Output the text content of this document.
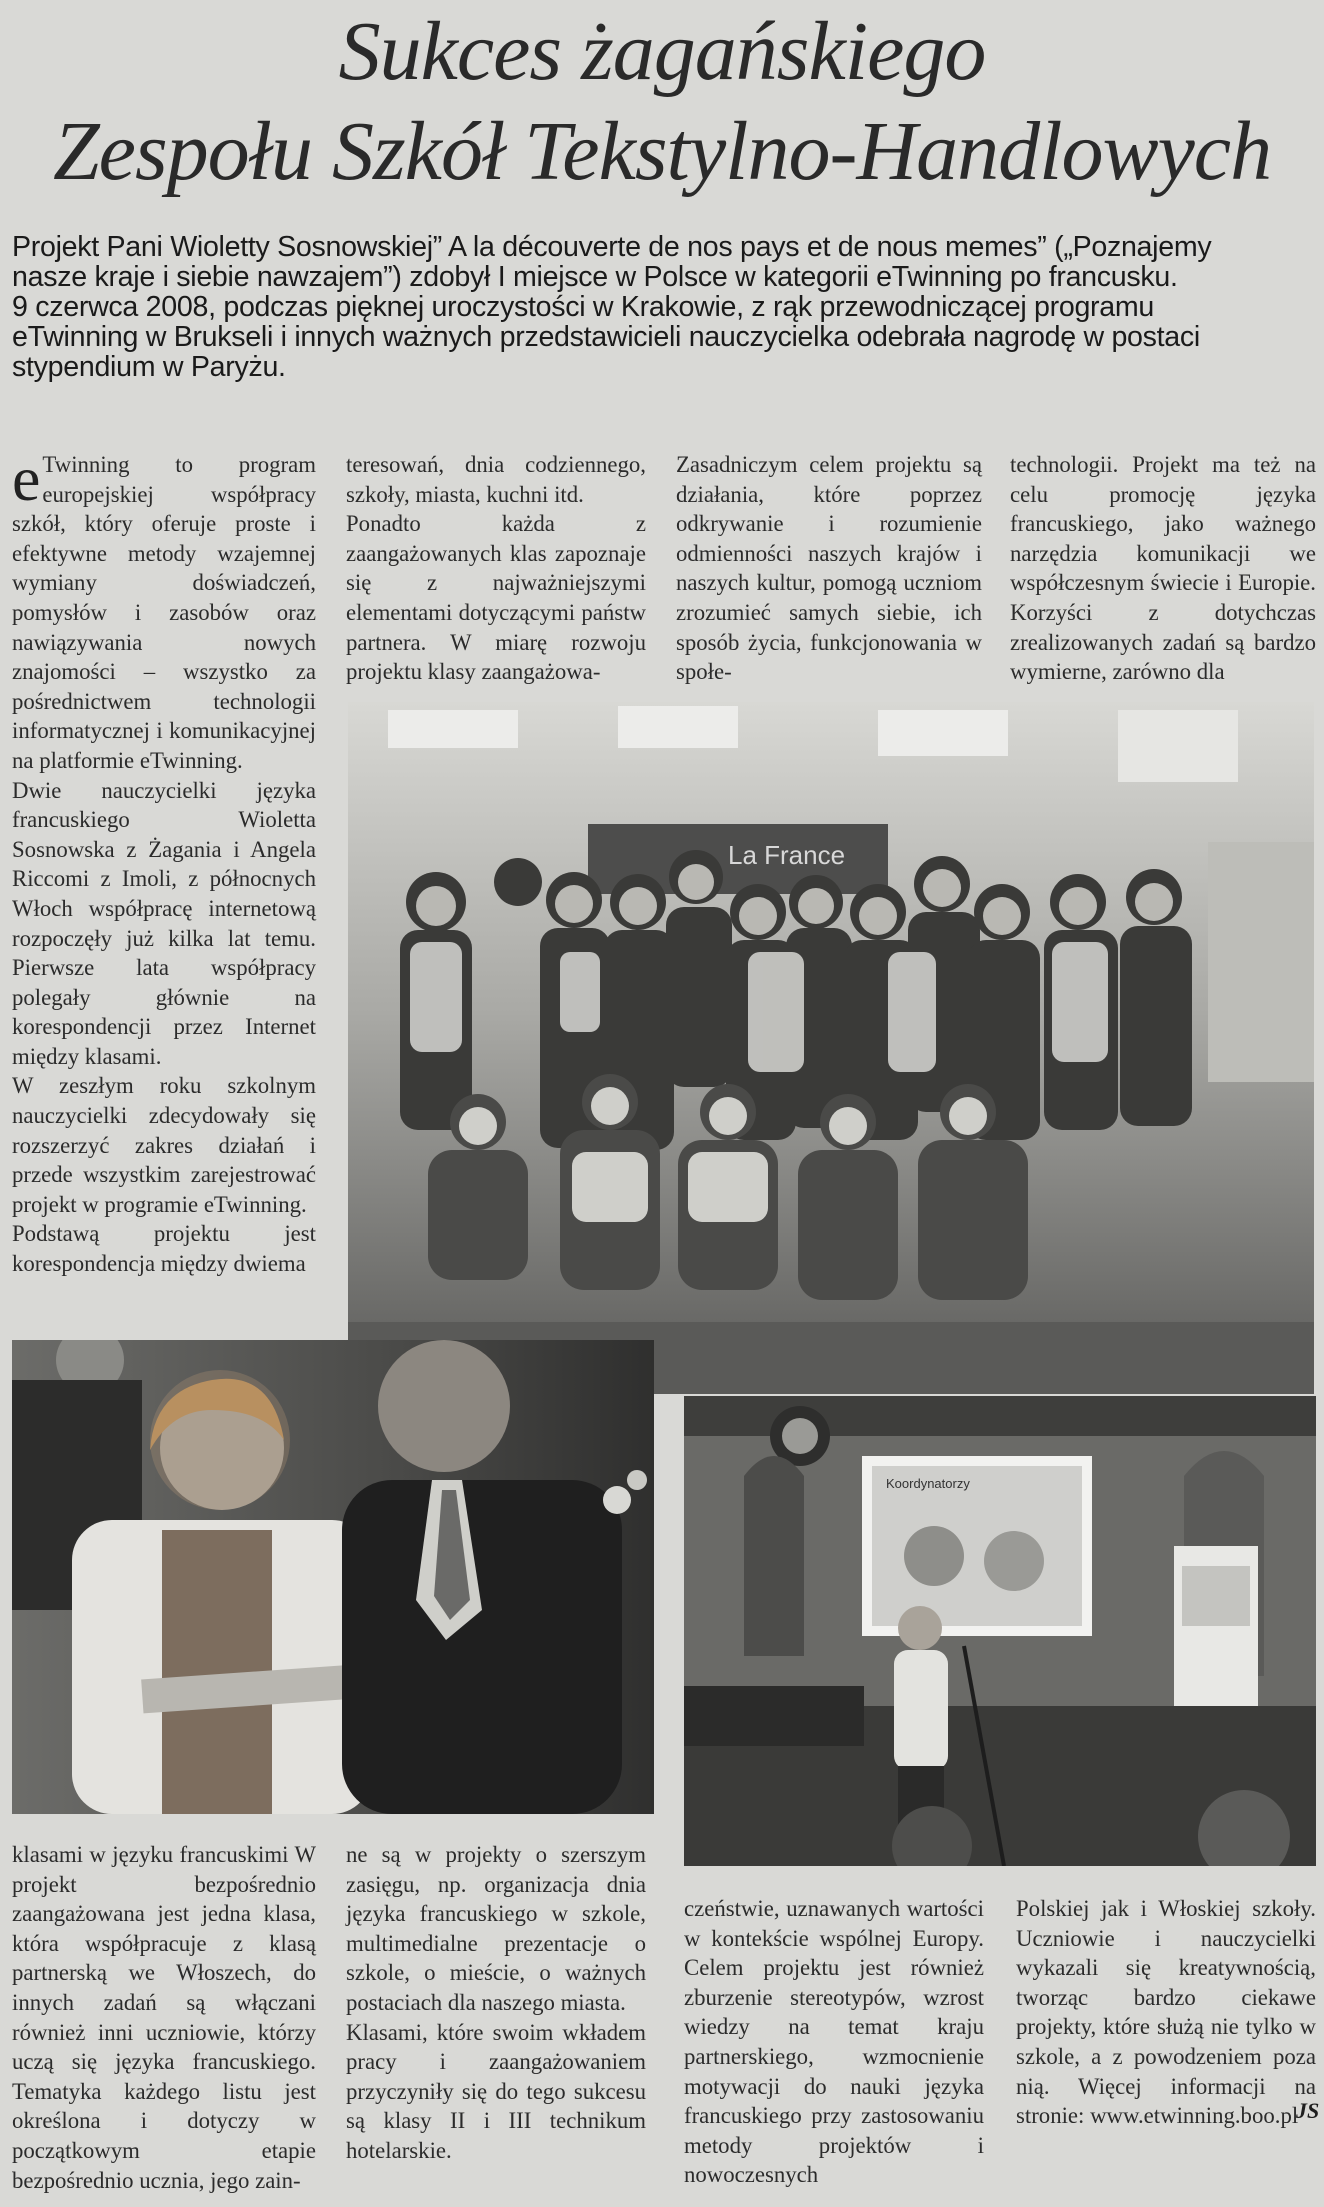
Sukces żagańskiego
Zespołu Szkół Tekstylno-Handlowych
Projekt Pani Wioletty Sosnowskiej” A la découverte de nos pays et de nous memes” („Poznajemy
nasze kraje i siebie nawzajem”) zdobył I miejsce w Polsce w kategorii eTwinning po francusku.
9 czerwca 2008, podczas pięknej uroczystości w Krakowie, z rąk przewodniczącej programu
eTwinning w Brukseli i innych ważnych przedstawicieli nauczycielka odebrała nagrodę w postaci
stypendium w Paryżu.

e Twinning to program europejskiej współpracy szkół, który oferuje proste i efektywne metody wzajemnej wymiany doświadczeń, pomysłów i zasobów oraz nawiązywania nowych znajomości – wszystko za pośrednictwem technologii informatycznej i komunikacyjnej na platformie eTwinning.

Dwie nauczycielki języka francuskiego Wioletta Sosnowska z Żagania i Angela Riccomi z Imoli, z północnych Włoch współpracę internetową rozpoczęły już kilka lat temu. Pierwsze lata współpracy polegały głównie na korespondencji przez Internet między klasami.

W zeszłym roku szkolnym nauczycielki zdecydowały się rozszerzyć zakres działań i przede wszystkim zarejestrować projekt w programie eTwinning.

Podstawą projektu jest korespondencja między dwiema

teresowań, dnia codziennego, szkoły, miasta, kuchni itd.

Ponadto każda z zaangażowanych klas zapoznaje się z najważniejszymi elementami dotyczącymi państw partnera. W miarę rozwoju projektu klasy zaangażowa-

Zasadniczym celem projektu są działania, które poprzez odkrywanie i rozumienie odmienności naszych krajów i naszych kultur, pomogą uczniom zrozumieć samych siebie, ich sposób życia, funkcjonowania w społe-

technologii. Projekt ma też na celu promocję języka francuskiego, jako ważnego narzędzia komunikacji we współczesnym świecie i Europie. Korzyści z dotychczas zrealizowanych zadań są bardzo wymierne, zarówno dla

La France
Koordynatorzy

klasami w języku francuskimi W projekt bezpośrednio zaangażowana jest jedna klasa, która współpracuje z klasą partnerską we Włoszech, do innych zadań są włączani również inni uczniowie, którzy uczą się języka francuskiego. Tematyka każdego listu jest określona i dotyczy w początkowym etapie bezpośrednio ucznia, jego zain-

ne są w projekty o szerszym zasięgu, np. organizacja dnia języka francuskiego w szkole, multimedialne prezentacje o szkole, o mieście, o ważnych postaciach dla naszego miasta.

Klasami, które swoim wkładem pracy i zaangażowaniem przyczyniły się do tego sukcesu są klasy II i III technikum hotelarskie.

czeństwie, uznawanych wartości w kontekście wspólnej Europy. Celem projektu jest również zburzenie stereotypów, wzrost wiedzy na temat kraju partnerskiego, wzmocnienie motywacji do nauki języka francuskiego przy zastosowaniu metody projektów i nowoczesnych

Polskiej jak i Włoskiej szkoły. Uczniowie i nauczycielki wykazali się kreatywnością, tworząc bardzo ciekawe projekty, które służą nie tylko w szkole, a z powodzeniem poza nią. Więcej informacji na stronie: www.etwinning.boo.pl

JS
